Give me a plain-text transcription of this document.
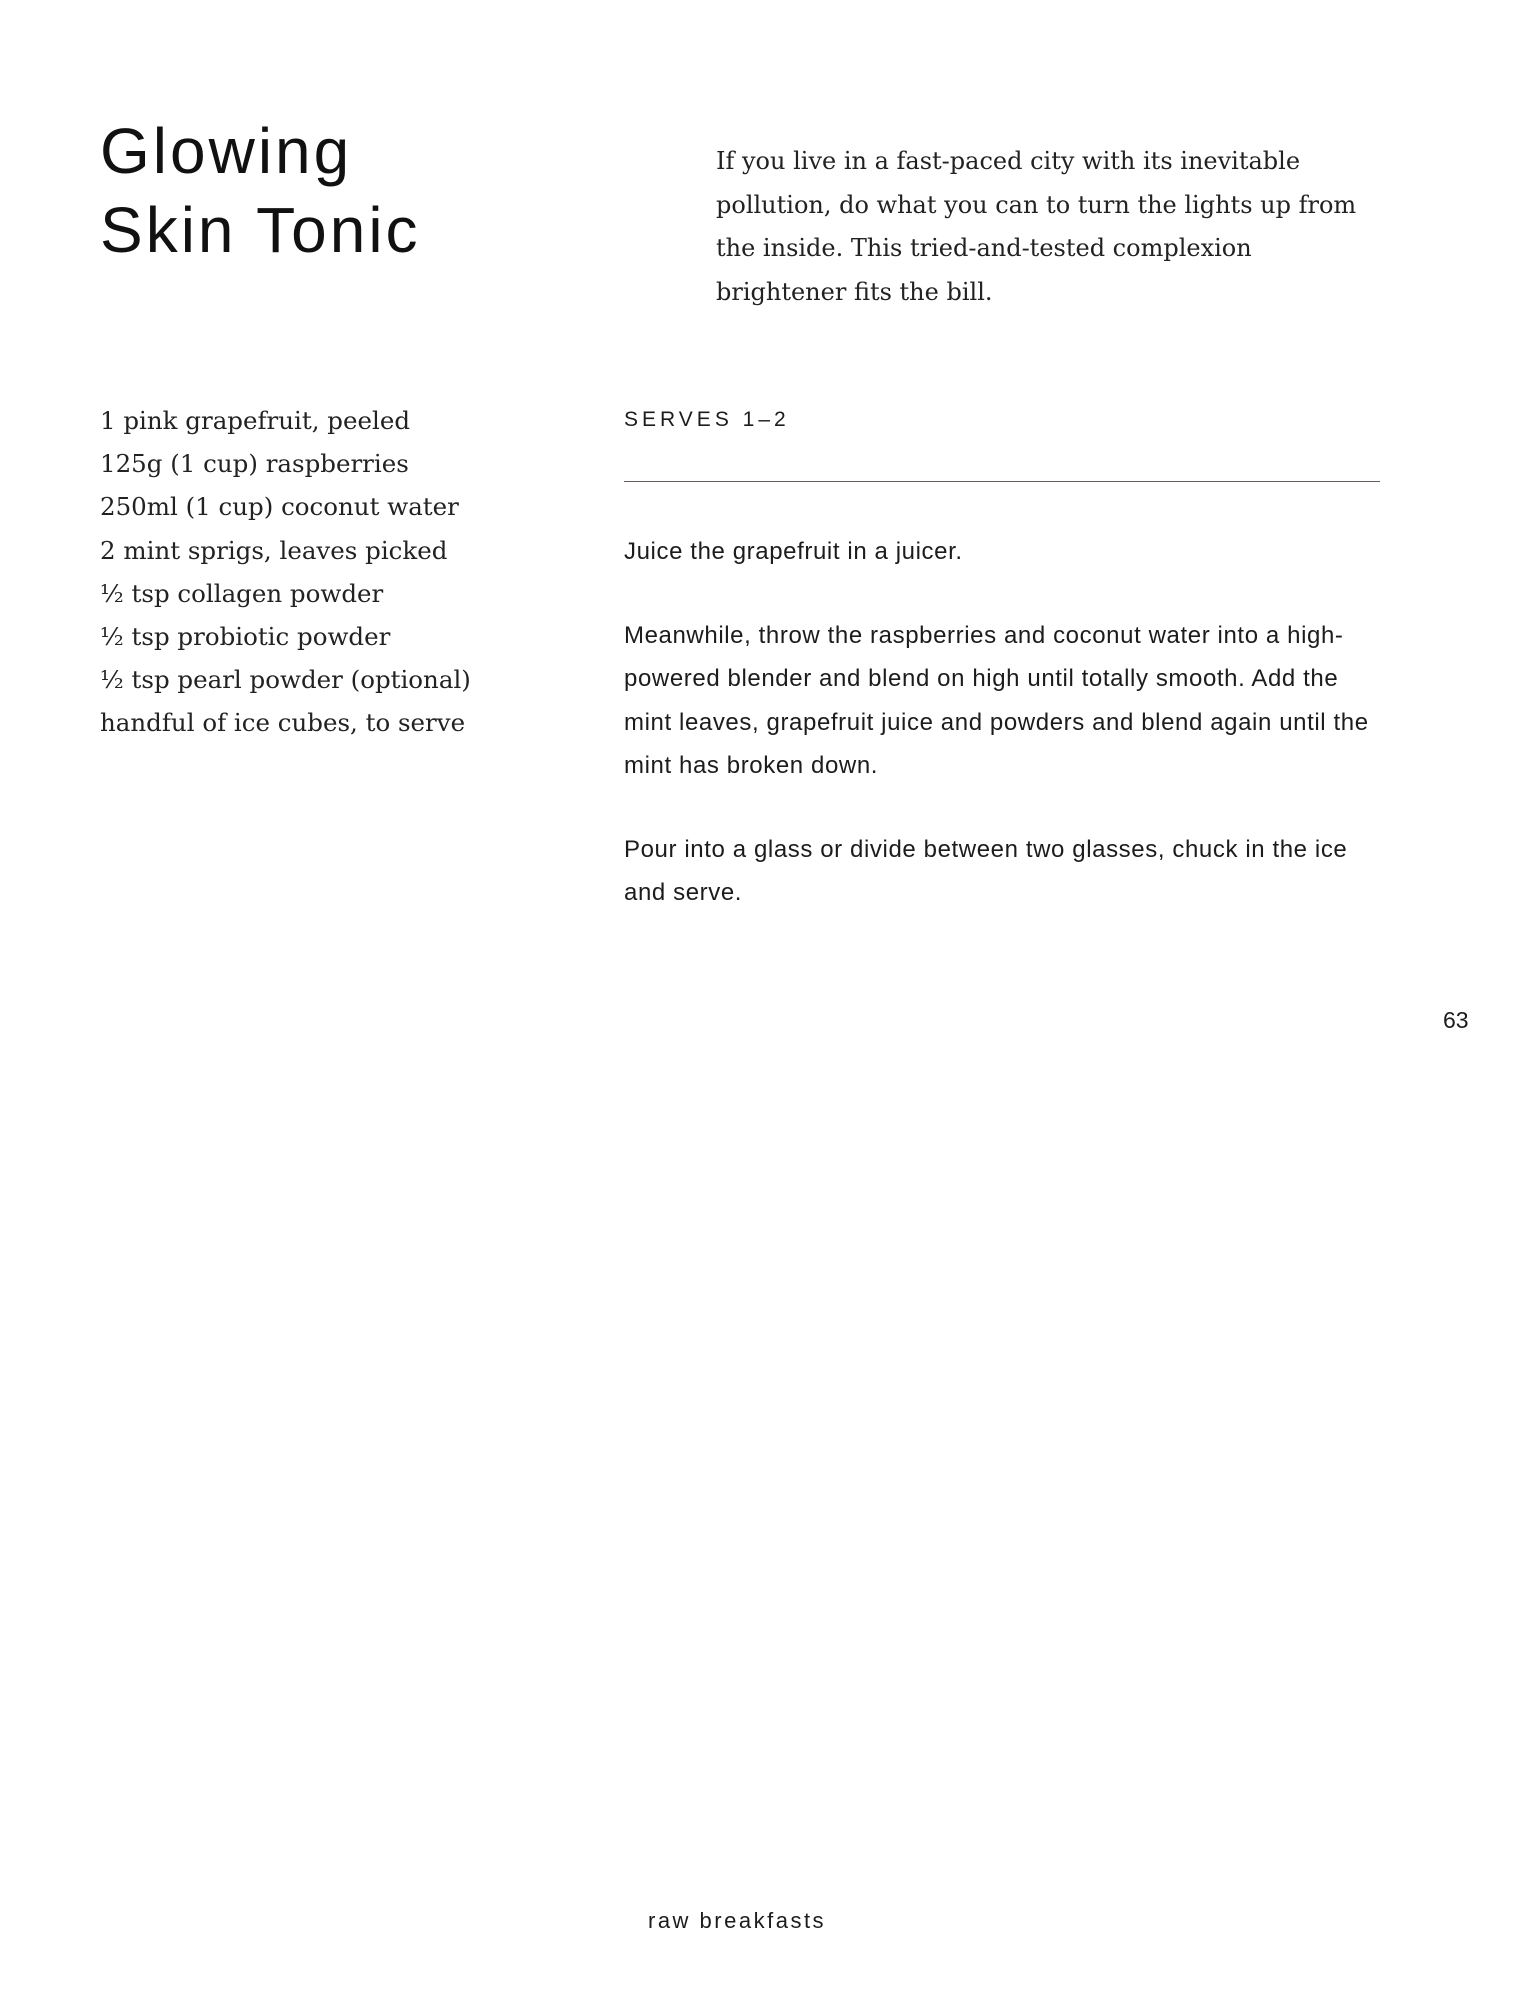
Glowing
Skin Tonic

If you live in a fast-paced city with its inevitable pollution, do what you can to turn the lights up from the inside. This tried-and-tested complexion brightener fits the bill.

1 pink grapefruit, peeled
125g (1 cup) raspberries
250ml (1 cup) coconut water
2 mint sprigs, leaves picked
½ tsp collagen powder
½ tsp probiotic powder
½ tsp pearl powder (optional)
handful of ice cubes, to serve
SERVES 1–2

Juice the grapefruit in a juicer.

Meanwhile, throw the raspberries and coconut water into a high-powered blender and blend on high until totally smooth. Add the mint leaves, grapefruit juice and powders and blend again until the mint has broken down.

Pour into a glass or divide between two glasses, chuck in the ice and serve.

63
raw breakfasts
